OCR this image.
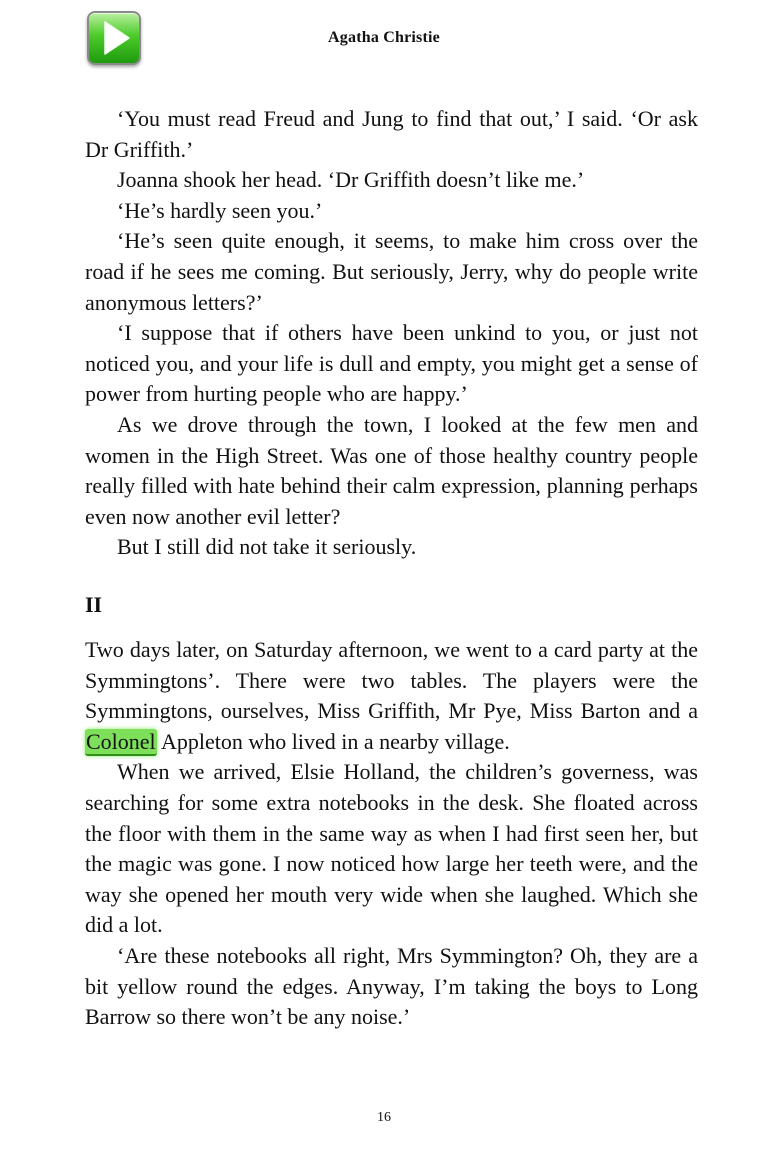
Agatha Christie

‘You must read Freud and Jung to find that out,’ I said. ‘Or ask Dr Griffith.’

Joanna shook her head. ‘Dr Griffith doesn’t like me.’

‘He’s hardly seen you.’

‘He’s seen quite enough, it seems, to make him cross over the road if he sees me coming. But seriously, Jerry, why do people write anonymous letters?’

‘I suppose that if others have been unkind to you, or just not noticed you, and your life is dull and empty, you might get a sense of power from hurting people who are happy.’

As we drove through the town, I looked at the few men and women in the High Street. Was one of those healthy country people really filled with hate behind their calm expression, planning perhaps even now another evil letter?

But I still did not take it seriously.

II

Two days later, on Saturday afternoon, we went to a card party at the Symmingtons’. There were two tables. The players were the Symmingtons, ourselves, Miss Griffith, Mr Pye, Miss Barton and a Colonel Appleton who lived in a nearby village.

When we arrived, Elsie Holland, the children’s governess, was searching for some extra notebooks in the desk. She floated across the floor with them in the same way as when I had first seen her, but the magic was gone. I now noticed how large her teeth were, and the way she opened her mouth very wide when she laughed. Which she did a lot.

‘Are these notebooks all right, Mrs Symmington? Oh, they are a bit yellow round the edges. Anyway, I’m taking the boys to Long Barrow so there won’t be any noise.’

16
